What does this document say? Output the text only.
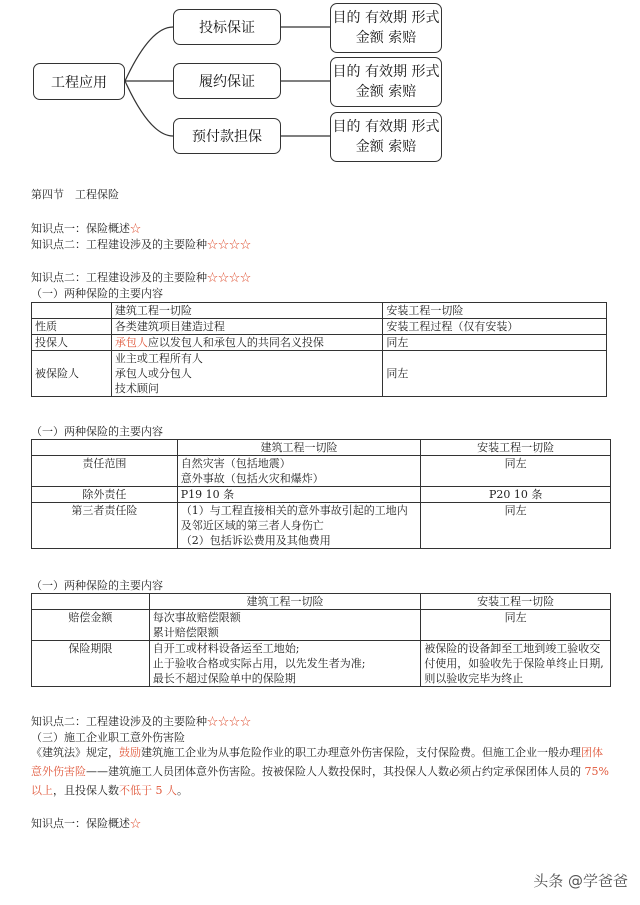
工程应用
投标保证
履约保证
预付款担保
目的 有效期 形式
金额 索赔
目的 有效期 形式
金额 索赔
目的 有效期 形式
金额 索赔
第四节　工程保险
知识点一：保险概述☆
知识点二：工程建设涉及的主要险种☆☆☆☆
知识点二：工程建设涉及的主要险种☆☆☆☆
（一）两种保险的主要内容
	建筑工程一切险	安装工程一切险
性质	各类建筑项目建造过程	安装工程过程（仅有安装）
投保人	承包人应以发包人和承包人的共同名义投保	同左
被保险人	业主或工程所有人
承包人或分包人
技术顾问	同左
（一）两种保险的主要内容
	建筑工程一切险	安装工程一切险
责任范围	自然灾害（包括地震）
意外事故（包括火灾和爆炸）	同左
除外责任	P19 10 条	P20 10 条
第三者责任险	（1）与工程直接相关的意外事故引起的工地内
及邻近区域的第三者人身伤亡
（2）包括诉讼费用及其他费用	同左
（一）两种保险的主要内容
	建筑工程一切险	安装工程一切险
赔偿金额	每次事故赔偿限额
累计赔偿限额	同左
保险期限	自开工或材料设备运至工地始;
止于验收合格或实际占用，以先发生者为准;
最长不超过保险单中的保险期	被保险的设备卸至工地到竣工验收交
付使用，如验收先于保险单终止日期,
则以验收完毕为终止
知识点二：工程建设涉及的主要险种☆☆☆☆
（三）施工企业职工意外伤害险
《建筑法》规定，鼓励建筑施工企业为从事危险作业的职工办理意外伤害保险，支付保险费。但施工企业一般办理团体意外伤害险——建筑施工人员团体意外伤害险。按被保险人人数投保时，其投保人人数必须占约定承保团体人员的 75%以上，且投保人数不低于 5 人。
知识点一：保险概述☆
头条 @学爸爸
